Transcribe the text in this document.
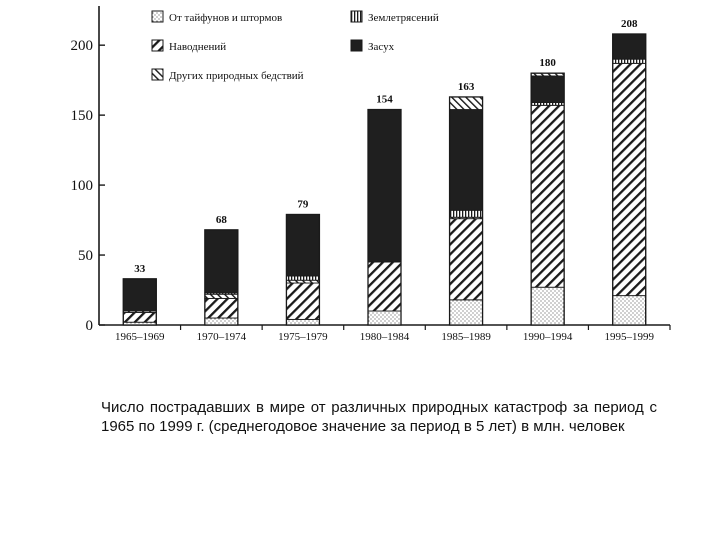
0
50
100
150
200
33
1965–1969
68
1970–1974
79
1975–1979
154
1980–1984
163
1985–1989
180
1990–1994
208
1995–1999
От тайфунов и штормов	Землетрясений
Наводнений	Засух
Других природных бедствий

Число пострадавших в мире от различных природных катастроф за период с 1965 по 1999 г. (среднегодовое значение за период в 5 лет) в млн. человек
